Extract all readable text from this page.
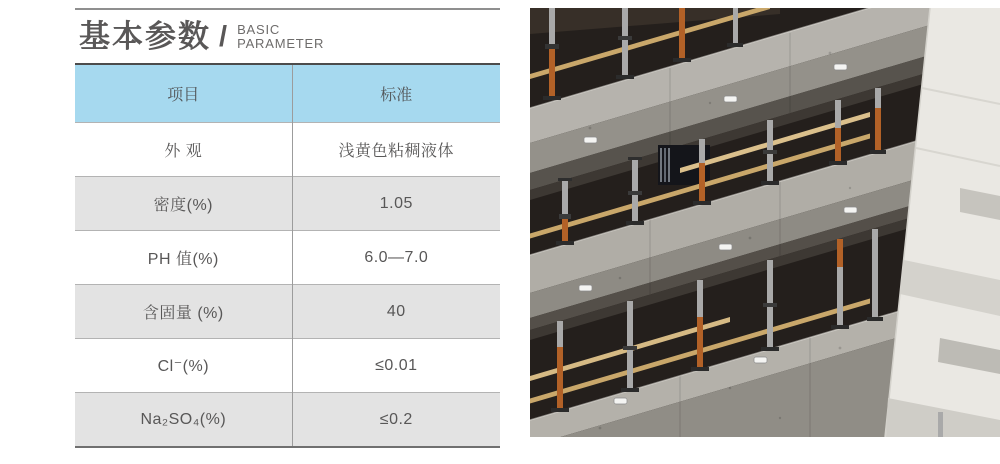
基本参数 / BASIC
PARAMETER
项目	标准
外 观	浅黄色粘稠液体
密度(%)	1.05
PH 值(%)	6.0—7.0
含固量 (%)	40
Cl⁻(%)	≤0.01
Na₂SO₄(%)	≤0.2
